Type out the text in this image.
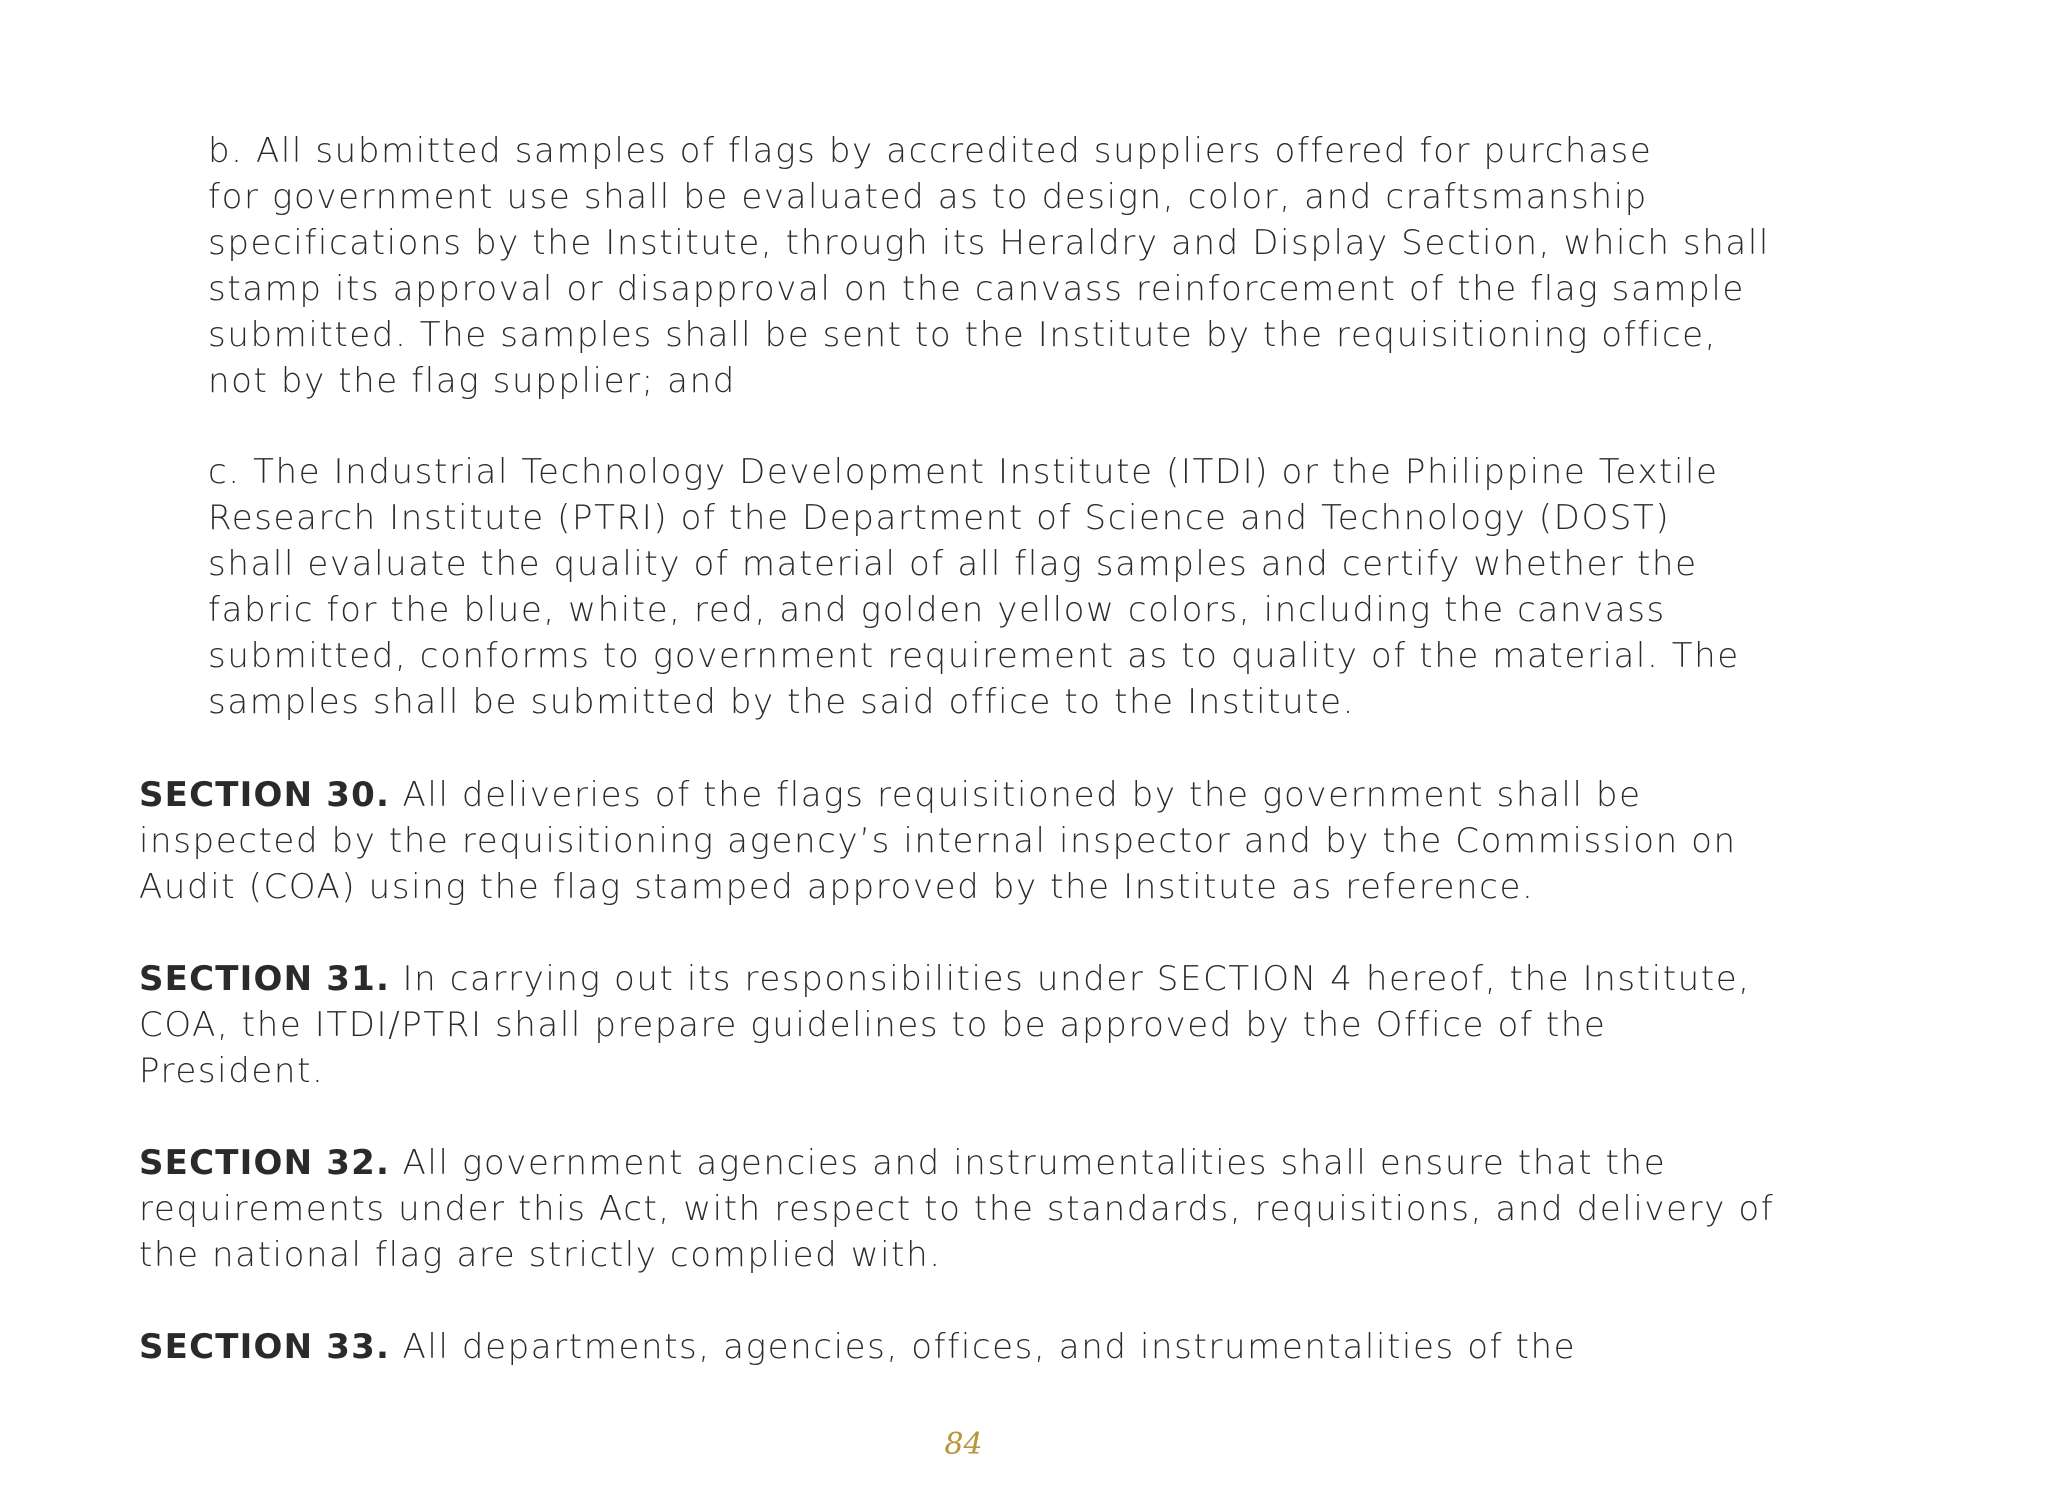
b. All submitted samples of flags by accredited suppliers offered for purchase
for government use shall be evaluated as to design, color, and craftsmanship
specifications by the Institute, through its Heraldry and Display Section, which shall
stamp its approval or disapproval on the canvass reinforcement of the flag sample
submitted. The samples shall be sent to the Institute by the requisitioning office,
not by the flag supplier; and

c. The Industrial Technology Development Institute (ITDI) or the Philippine Textile
Research Institute (PTRI) of the Department of Science and Technology (DOST)
shall evaluate the quality of material of all flag samples and certify whether the
fabric for the blue, white, red, and golden yellow colors, including the canvass
submitted, conforms to government requirement as to quality of the material. The
samples shall be submitted by the said office to the Institute.

SECTION 30. All deliveries of the flags requisitioned by the government shall be
inspected by the requisitioning agency’s internal inspector and by the Commission on
Audit (COA) using the flag stamped approved by the Institute as reference.

SECTION 31. In carrying out its responsibilities under SECTION 4 hereof, the Institute,
COA, the ITDI/PTRI shall prepare guidelines to be approved by the Office of the
President.

SECTION 32. All government agencies and instrumentalities shall ensure that the
requirements under this Act, with respect to the standards, requisitions, and delivery of
the national flag are strictly complied with.

SECTION 33. All departments, agencies, offices, and instrumentalities of the

84
